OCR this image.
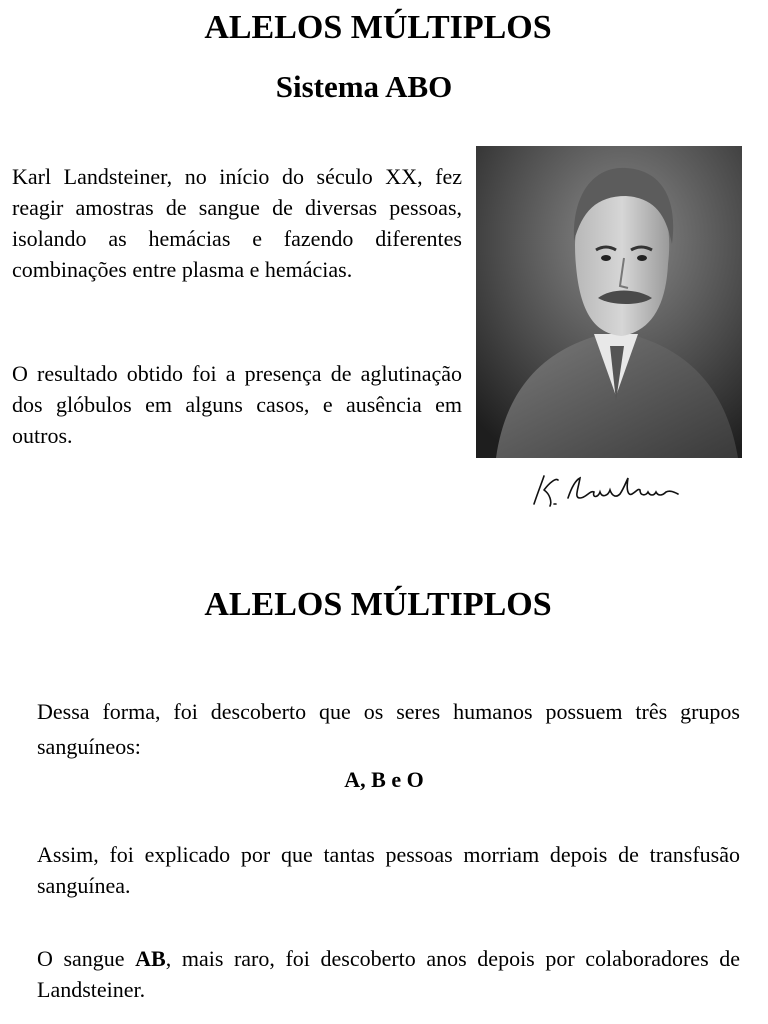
ALELOS MÚLTIPLOS
Sistema ABO

Karl Landsteiner, no início do século XX, fez reagir amostras de sangue de diversas pessoas, isolando as hemácias e fazendo diferentes combinações entre plasma e hemácias.

O resultado obtido foi a presença de aglutinação dos glóbulos em alguns casos, e ausência em outros.

ALELOS MÚLTIPLOS

Dessa forma, foi descoberto que os seres humanos possuem três grupos sanguíneos:

A, B e O

Assim, foi explicado por que tantas pessoas morriam depois de transfusão sanguínea.

O sangue AB, mais raro, foi descoberto anos depois por colaboradores de Landsteiner.
